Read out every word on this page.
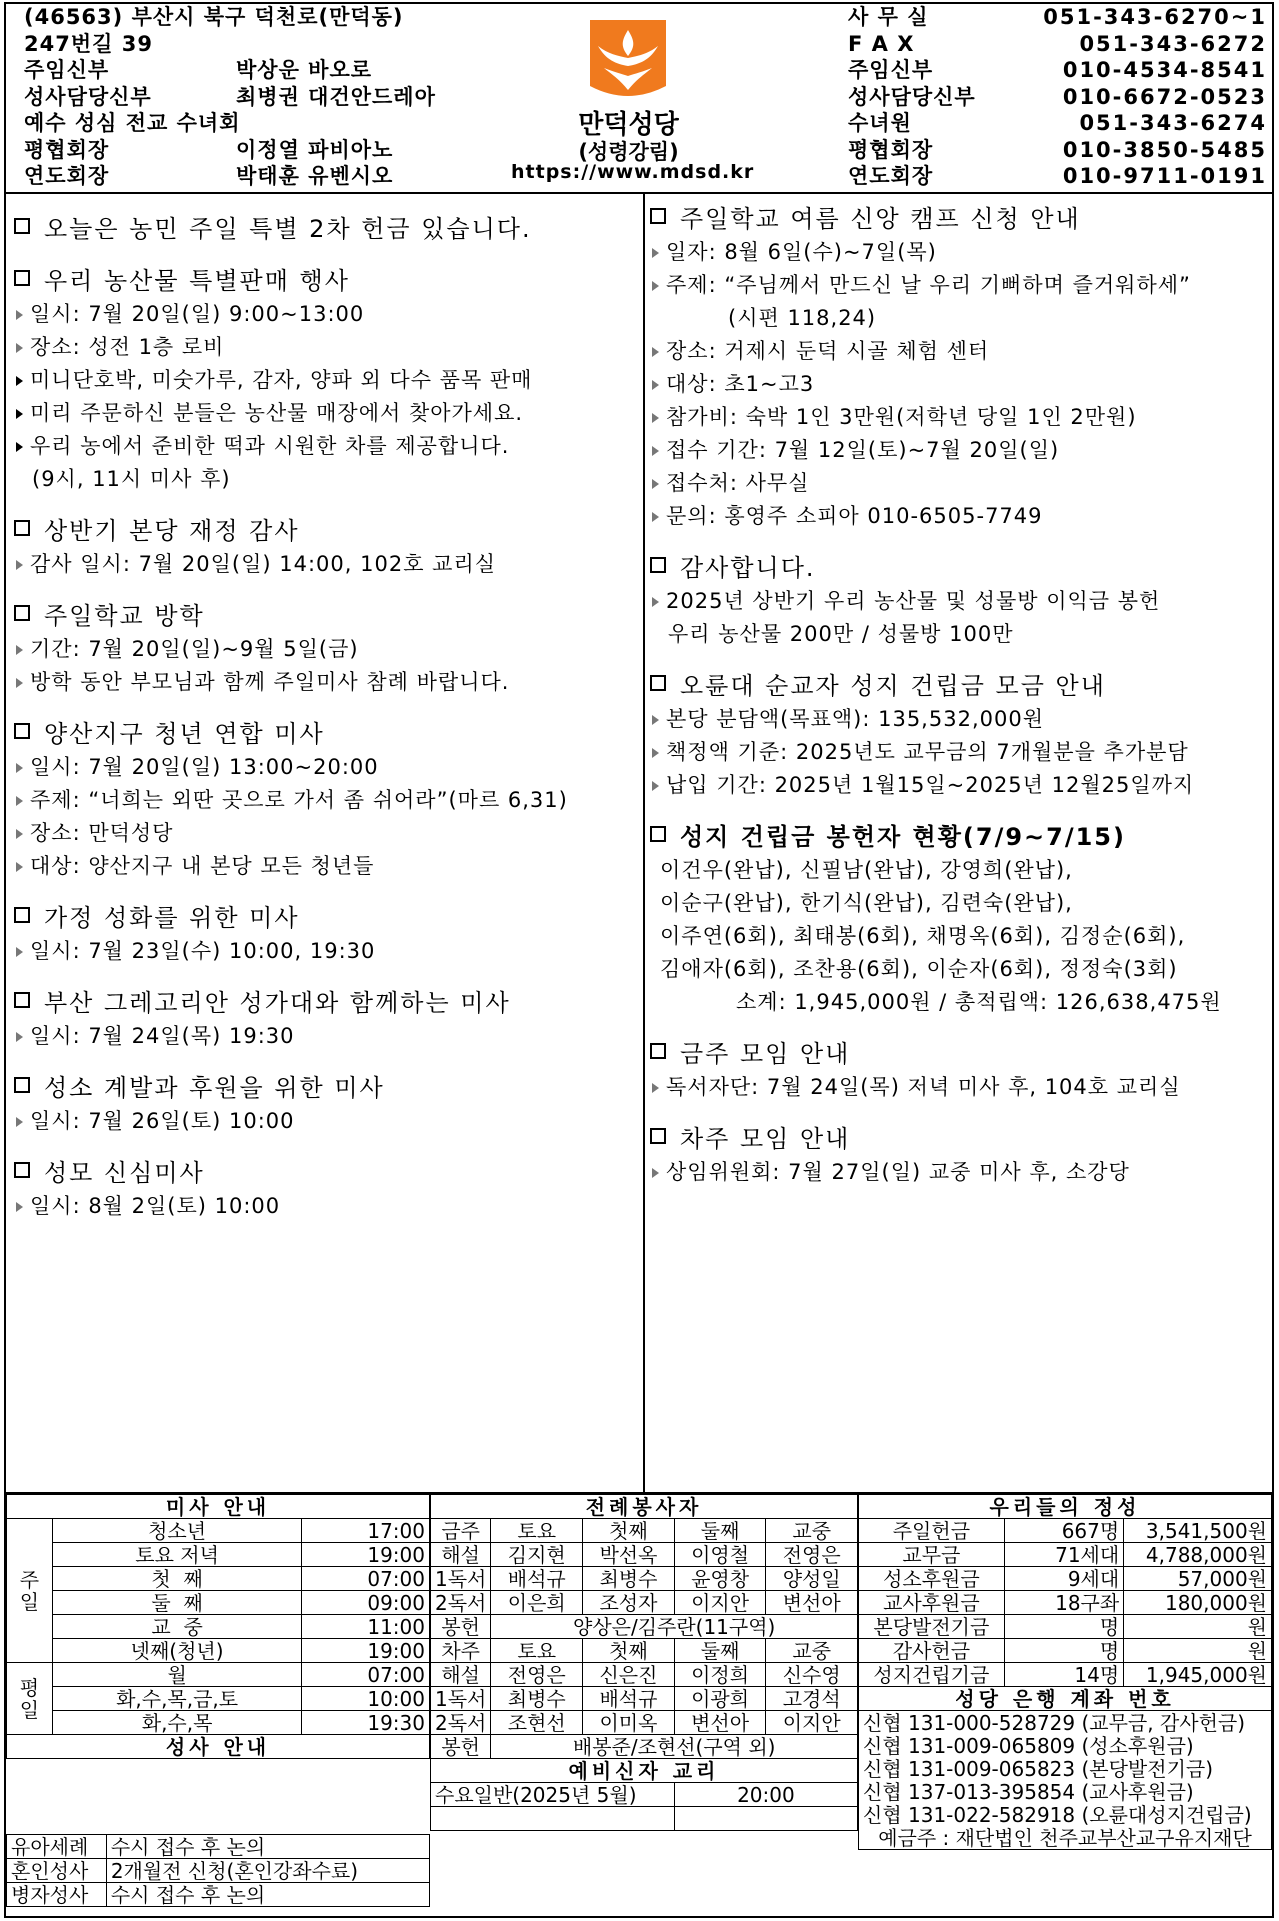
(46563) 부산시 북구 덕천로(만덕동)
247번길 39
주임신부	박상운 바오로
성사담당신부	최병권 대건안드레아
예수 성심 전교 수녀회
평협회장	이정열 파비아노
연도회장	박태훈 유벤시오
만덕성당
(성령강림)
https://www.mdsd.kr
사 무 실	051-343-6270~1
F A X	051-343-6272
주임신부	010-4534-8541
성사담당신부	010-6672-0523
수녀원	051-343-6274
평협회장	010-3850-5485
연도회장	010-9711-0191
오늘은 농민 주일 특별 2차 헌금 있습니다.
우리 농산물 특별판매 행사
일시: 7월 20일(일) 9:00~13:00
장소: 성전 1층 로비
미니단호박, 미숫가루, 감자, 양파 외 다수 품목 판매
미리 주문하신 분들은 농산물 매장에서 찾아가세요.
우리 농에서 준비한 떡과 시원한 차를 제공합니다.
(9시, 11시 미사 후)
상반기 본당 재정 감사
감사 일시: 7월 20일(일) 14:00, 102호 교리실
주일학교 방학
기간: 7월 20일(일)~9월 5일(금)
방학 동안 부모님과 함께 주일미사 참례 바랍니다.
양산지구 청년 연합 미사
일시: 7월 20일(일) 13:00~20:00
주제: “너희는 외딴 곳으로 가서 좀 쉬어라”(마르 6,31)
장소: 만덕성당
대상: 양산지구 내 본당 모든 청년들
가정 성화를 위한 미사
일시: 7월 23일(수) 10:00, 19:30
부산 그레고리안 성가대와 함께하는 미사
일시: 7월 24일(목) 19:30
성소 계발과 후원을 위한 미사
일시: 7월 26일(토) 10:00
성모 신심미사
일시: 8월 2일(토) 10:00
주일학교 여름 신앙 캠프 신청 안내
일자: 8월 6일(수)~7일(목)
주제: “주님께서 만드신 날 우리 기뻐하며 즐거워하세”
(시편 118,24)
장소: 거제시 둔덕 시골 체험 센터
대상: 초1~고3
참가비: 숙박 1인 3만원(저학년 당일 1인 2만원)
접수 기간: 7월 12일(토)~7월 20일(일)
접수처: 사무실
문의: 홍영주 소피아 010-6505-7749
감사합니다.
2025년 상반기 우리 농산물 및 성물방 이익금 봉헌
우리 농산물 200만 / 성물방 100만
오륜대 순교자 성지 건립금 모금 안내
본당 분담액(목표액): 135,532,000원
책정액 기준: 2025년도 교무금의 7개월분을 추가분담
납입 기간: 2025년 1월15일~2025년 12월25일까지
성지 건립금 봉헌자 현황(7/9~7/15)
이건우(완납), 신필남(완납), 강영희(완납),
이순구(완납), 한기식(완납), 김련숙(완납),
이주연(6회), 최태봉(6회), 채명옥(6회), 김정순(6회),
김애자(6회), 조찬용(6회), 이순자(6회), 정정숙(3회)
소계: 1,945,000원 / 총적립액: 126,638,475원
금주 모임 안내
독서자단: 7월 24일(목) 저녁 미사 후, 104호 교리실
차주 모임 안내
상임위원회: 7월 27일(일) 교중 미사 후, 소강당
미사 안내		
주
일	청소년	17:00
	토요 저녁	19:00
	첫  째	07:00
	둘  째	09:00
	교  중	11:00
	넷째(청년)	19:00
평
일	월	07:00
	화,수,목,금,토	10:00
	화,수,목	19:30
성사 안내		
유아세례	수시 접수 후 논의
혼인성사	2개월전 신청(혼인강좌수료)
병자성사	수시 접수 후 논의
전례봉사자				
금주	토요	첫째	둘째	교중
해설	김지현	박선옥	이영철	전영은
1독서	배석규	최병수	윤영창	양성일
2독서	이은희	조성자	이지안	변선아
봉헌	양상은/김주란(11구역)			
차주	토요	첫째	둘째	교중
해설	전영은	신은진	이정희	신수영
1독서	최병수	배석규	이광희	고경석
2독서	조현선	이미옥	변선아	이지안
봉헌	배봉준/조현선(구역 외)			
예비신자 교리				
수요일반(2025년 5월)			20:00	

우리들의 정성		
주일헌금	667명	3,541,500원
교무금	71세대	4,788,000원
성소후원금	9세대	57,000원
교사후원금	18구좌	180,000원
본당발전기금	명	원
감사헌금	명	원
성지건립기금	14명	1,945,000원
성당 은행 계좌 번호		
신협 131-000-528729 (교무금, 감사헌금)		
신협 131-009-065809 (성소후원금)		
신협 131-009-065823 (본당발전기금)		
신협 137-013-395854 (교사후원금)		
신협 131-022-582918 (오륜대성지건립금)		
예금주 : 재단법인 천주교부산교구유지재단		
